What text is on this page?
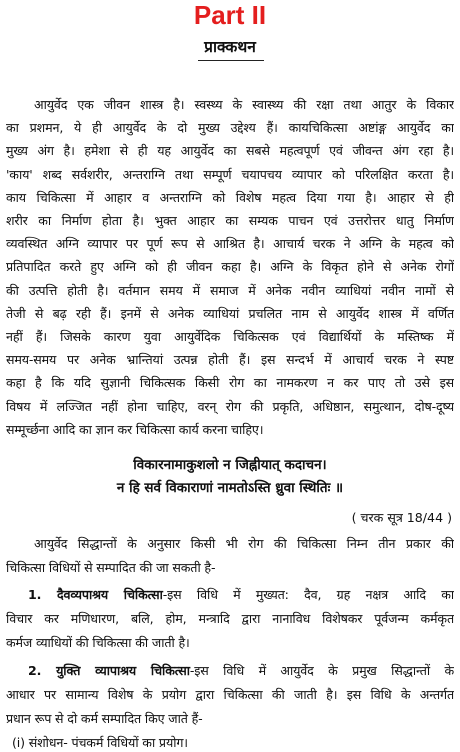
Part II
प्राक्कथन
आयुर्वेद एक जीवन शास्त्र है। स्वस्थ्य के स्वास्थ्य की रक्षा तथा आतुर के विकार
का प्रशमन, ये ही आयुर्वेद के दो मुख्य उद्देश्य हैं। कायचिकित्सा अष्टांङ्ग आयुर्वेद का
मुख्य अंग है। हमेशा से ही यह आयुर्वेद का सबसे महत्वपूर्ण एवं जीवन्त अंग रहा है।
'काय' शब्द सर्वशरीर, अन्तराग्नि तथा सम्पूर्ण चयापचय व्यापार को परिलक्षित करता है।
काय चिकित्सा में आहार व अन्तराग्नि को विशेष महत्व दिया गया है। आहार से ही
शरीर का निर्माण होता है। भुक्त आहार का सम्यक पाचन एवं उत्तरोत्तर धातु निर्माण
व्यवस्थित अग्नि व्यापार पर पूर्ण रूप से आश्रित है। आचार्य चरक ने अग्नि के महत्व को
प्रतिपादित करते हुए अग्नि को ही जीवन कहा है। अग्नि के विकृत होने से अनेक रोगों
की उत्पत्ति होती है। वर्तमान समय में समाज में अनेक नवीन व्याधियां नवीन नामों से
तेजी से बढ़ रही हैं। इनमें से अनेक व्याधियां प्रचलित नाम से आयुर्वेद शास्त्र में वर्णित
नहीं हैं। जिसके कारण युवा आयुर्वेदिक चिकित्सक एवं विद्यार्थियों के मस्तिष्क में
समय-समय पर अनेक भ्रान्तियां उत्पन्न होती हैं। इस सन्दर्भ में आचार्य चरक ने स्पष्ट
कहा है कि यदि सुज्ञानी चिकित्सक किसी रोग का नामकरण न कर पाए तो उसे इस
विषय में लज्जित नहीं होना चाहिए, वरन् रोग की प्रकृति, अधिष्ठान, समुत्थान, दोष-दूष्य
सम्मूर्च्छना आदि का ज्ञान कर चिकित्सा कार्य करना चाहिए।
विकारनामाकुशलो न जिह्नीयात् कदाचन।
न हि सर्व विकाराणां नामतोऽस्ति ध्रुवा स्थितिः ॥
( चरक सूत्र 18/44 )
आयुर्वेद सिद्धान्तों के अनुसार किसी भी रोग की चिकित्सा निम्न तीन प्रकार की
चिकित्सा विधियों से सम्पादित की जा सकती है-
1. दैवव्यपाश्रय चिकित्सा-इस विधि में मुख्यत: दैव, ग्रह नक्षत्र आदि का
विचार कर मणिधारण, बलि, होम, मन्त्रादि द्वारा नानाविध विशेषकर पूर्वजन्म कर्मकृत
कर्मज व्याधियों की चिकित्सा की जाती है।
2. युक्ति व्यापाश्रय चिकित्सा-इस विधि में आयुर्वेद के प्रमुख सिद्धान्तों के
आधार पर सामान्य विशेष के प्रयोग द्वारा चिकित्सा की जाती है। इस विधि के अन्तर्गत
प्रधान रूप से दो कर्म सम्पादित किए जाते हैं-
(i) संशोधन- पंचकर्म विधियों का प्रयोग।
